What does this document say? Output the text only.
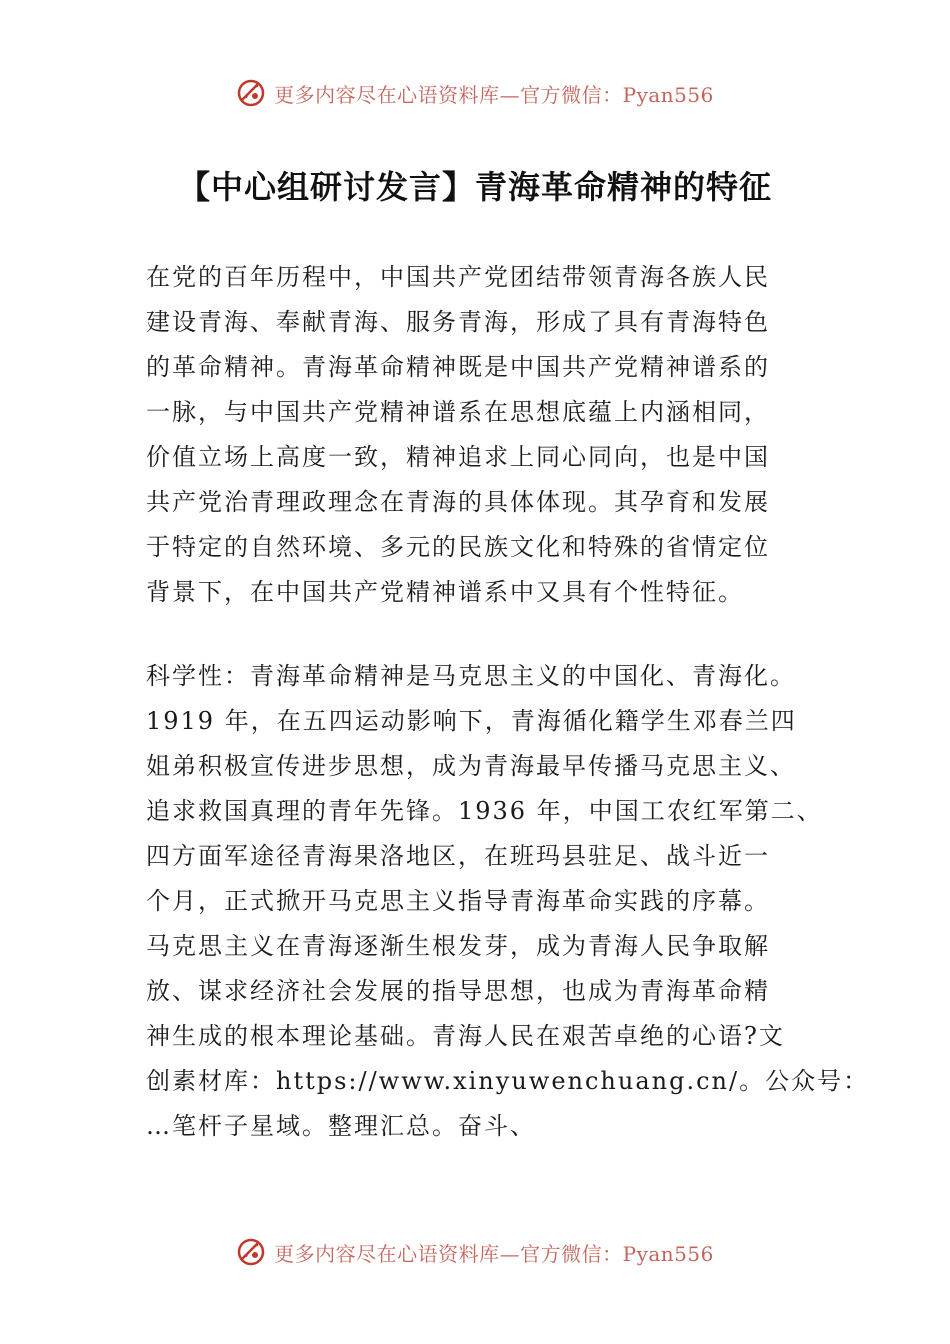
更多内容尽在心语资料库—官方微信：Pyan556
【中心组研讨发言】青海革命精神的特征
在党的百年历程中，中国共产党团结带领青海各族人民
建设青海、奉献青海、服务青海，形成了具有青海特色
的革命精神。青海革命精神既是中国共产党精神谱系的
一脉，与中国共产党精神谱系在思想底蕴上内涵相同，
价值立场上高度一致，精神追求上同心同向，也是中国
共产党治青理政理念在青海的具体体现。其孕育和发展
于特定的自然环境、多元的民族文化和特殊的省情定位
背景下，在中国共产党精神谱系中又具有个性特征。
科学性：青海革命精神是马克思主义的中国化、青海化。
1919 年，在五四运动影响下，青海循化籍学生邓春兰四
姐弟积极宣传进步思想，成为青海最早传播马克思主义、
追求救国真理的青年先锋。1936 年，中国工农红军第二、
四方面军途径青海果洛地区，在班玛县驻足、战斗近一
个月，正式掀开马克思主义指导青海革命实践的序幕。
马克思主义在青海逐渐生根发芽，成为青海人民争取解
放、谋求经济社会发展的指导思想，也成为青海革命精
神生成的根本理论基础。青海人民在艰苦卓绝的心语?文
创素材库：https://www.xinyuwenchuang.cn/。公众号：
…笔杆子星域。整理汇总。奋斗、
更多内容尽在心语资料库—官方微信：Pyan556
